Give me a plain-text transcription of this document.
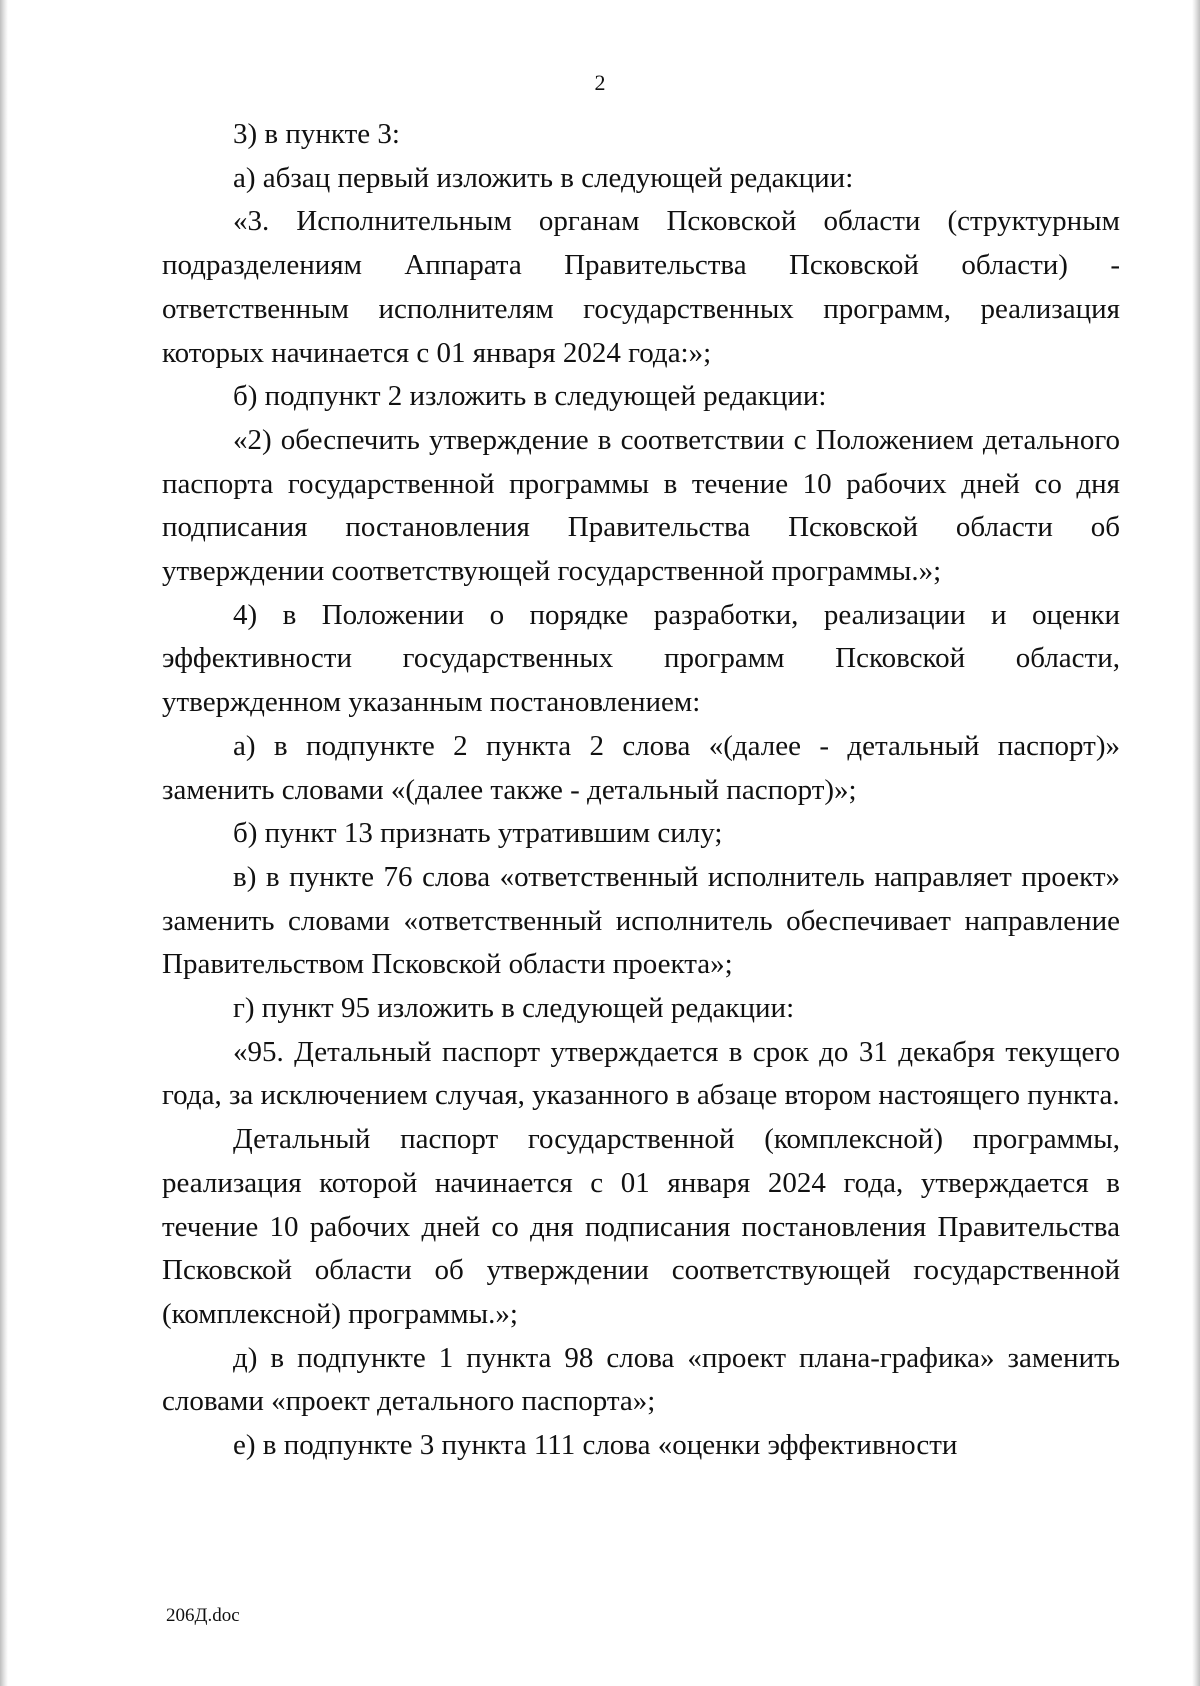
2

3) в пункте 3:

а) абзац первый изложить в следующей редакции:

«3. Исполнительным органам Псковской области (структурным подразделениям Аппарата Правительства Псковской области) - ответственным исполнителям государственных программ, реализация которых начинается с 01 января 2024 года:»;

б) подпункт 2 изложить в следующей редакции:

«2) обеспечить утверждение в соответствии с Положением детального паспорта государственной программы в течение 10 рабочих дней со дня подписания постановления Правительства Псковской области об утверждении соответствующей государственной программы.»;

4) в Положении о порядке разработки, реализации и оценки эффективности государственных программ Псковской области, утвержденном указанным постановлением:

а) в подпункте 2 пункта 2 слова «(далее - детальный паспорт)» заменить словами «(далее также - детальный паспорт)»;

б) пункт 13 признать утратившим силу;

в) в пункте 76 слова «ответственный исполнитель направляет проект» заменить словами «ответственный исполнитель обеспечивает направление Правительством Псковской области проекта»;

г) пункт 95 изложить в следующей редакции:

«95. Детальный паспорт утверждается в срок до 31 декабря текущего года, за исключением случая, указанного в абзаце втором настоящего пункта.

Детальный паспорт государственной (комплексной) программы, реализация которой начинается с 01 января 2024 года, утверждается в течение 10 рабочих дней со дня подписания постановления Правительства Псковской области об утверждении соответствующей государственной (комплексной) программы.»;

д) в подпункте 1 пункта 98 слова «проект плана-графика» заменить словами «проект детального паспорта»;

е) в подпункте 3 пункта 111 слова «оценки эффективности

206Д.doc
